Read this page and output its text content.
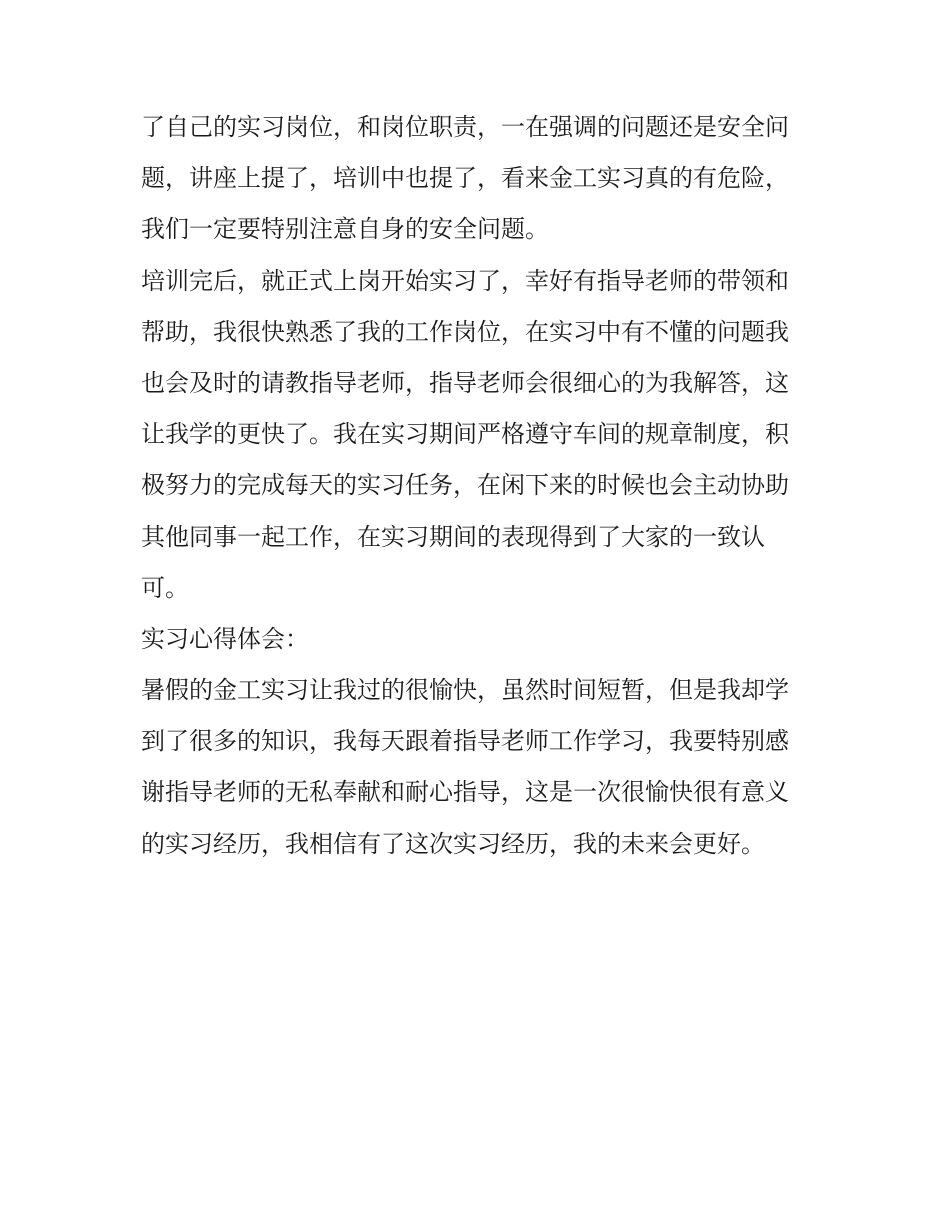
了自己的实习岗位，和岗位职责，一在强调的问题还是安全问
题，讲座上提了，培训中也提了，看来金工实习真的有危险，
我们一定要特别注意自身的安全问题。
培训完后，就正式上岗开始实习了，幸好有指导老师的带领和
帮助，我很快熟悉了我的工作岗位，在实习中有不懂的问题我
也会及时的请教指导老师，指导老师会很细心的为我解答，这
让我学的更快了。我在实习期间严格遵守车间的规章制度，积
极努力的完成每天的实习任务，在闲下来的时候也会主动协助
其他同事一起工作，在实习期间的表现得到了大家的一致认
可。
实习心得体会：
暑假的金工实习让我过的很愉快，虽然时间短暂，但是我却学
到了很多的知识，我每天跟着指导老师工作学习，我要特别感
谢指导老师的无私奉献和耐心指导，这是一次很愉快很有意义
的实习经历，我相信有了这次实习经历，我的未来会更好。
